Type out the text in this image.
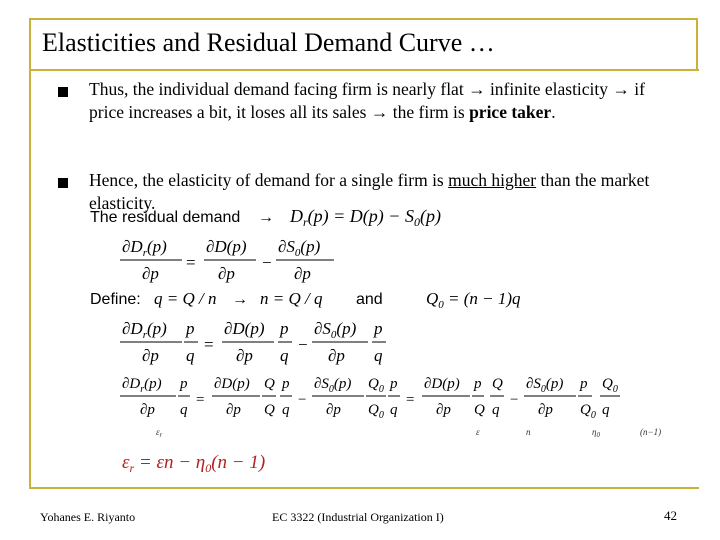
Elasticities and Residual Demand Curve …
Thus, the individual demand facing firm is nearly flat → infinite elasticity → if price increases a bit, it loses all its sales → the firm is price taker.
Hence, the elasticity of demand for a single firm is much higher than the market elasticity.
The residual demand → $D_r(p) = D(p) - S_0(p)$
$\partial D_r(p)$
∂p
=
∂D(p)
∂p
−
$\partial S_0(p)$
∂p
Define: q = Q / n → n = Q / q and	$Q_0 = (n - 1)q$
$\partial D_r(p)$
∂p
p
q
=
∂D(p)
∂p
p
q
−
$\partial S_0(p)$
∂p
p
q
$\partial D_r(p)$
∂p
p
q
=
∂D(p)
∂p
Q
Q
p
q
−
$\partial S_0(p)$
∂p
$Q_0$
$Q_0$
p
q
=
∂D(p)
∂p
p
Q
Q
q
−
$\partial S_0(p)$
∂p
p
$Q_0$
$Q_0$
q
$\varepsilon_r$	ε	n	$\eta_0$	(n−1)
$\varepsilon_r = \varepsilon n - \eta_0(n - 1)$
Yohanes E. Riyanto	EC 3322 (Industrial Organization I)	42
